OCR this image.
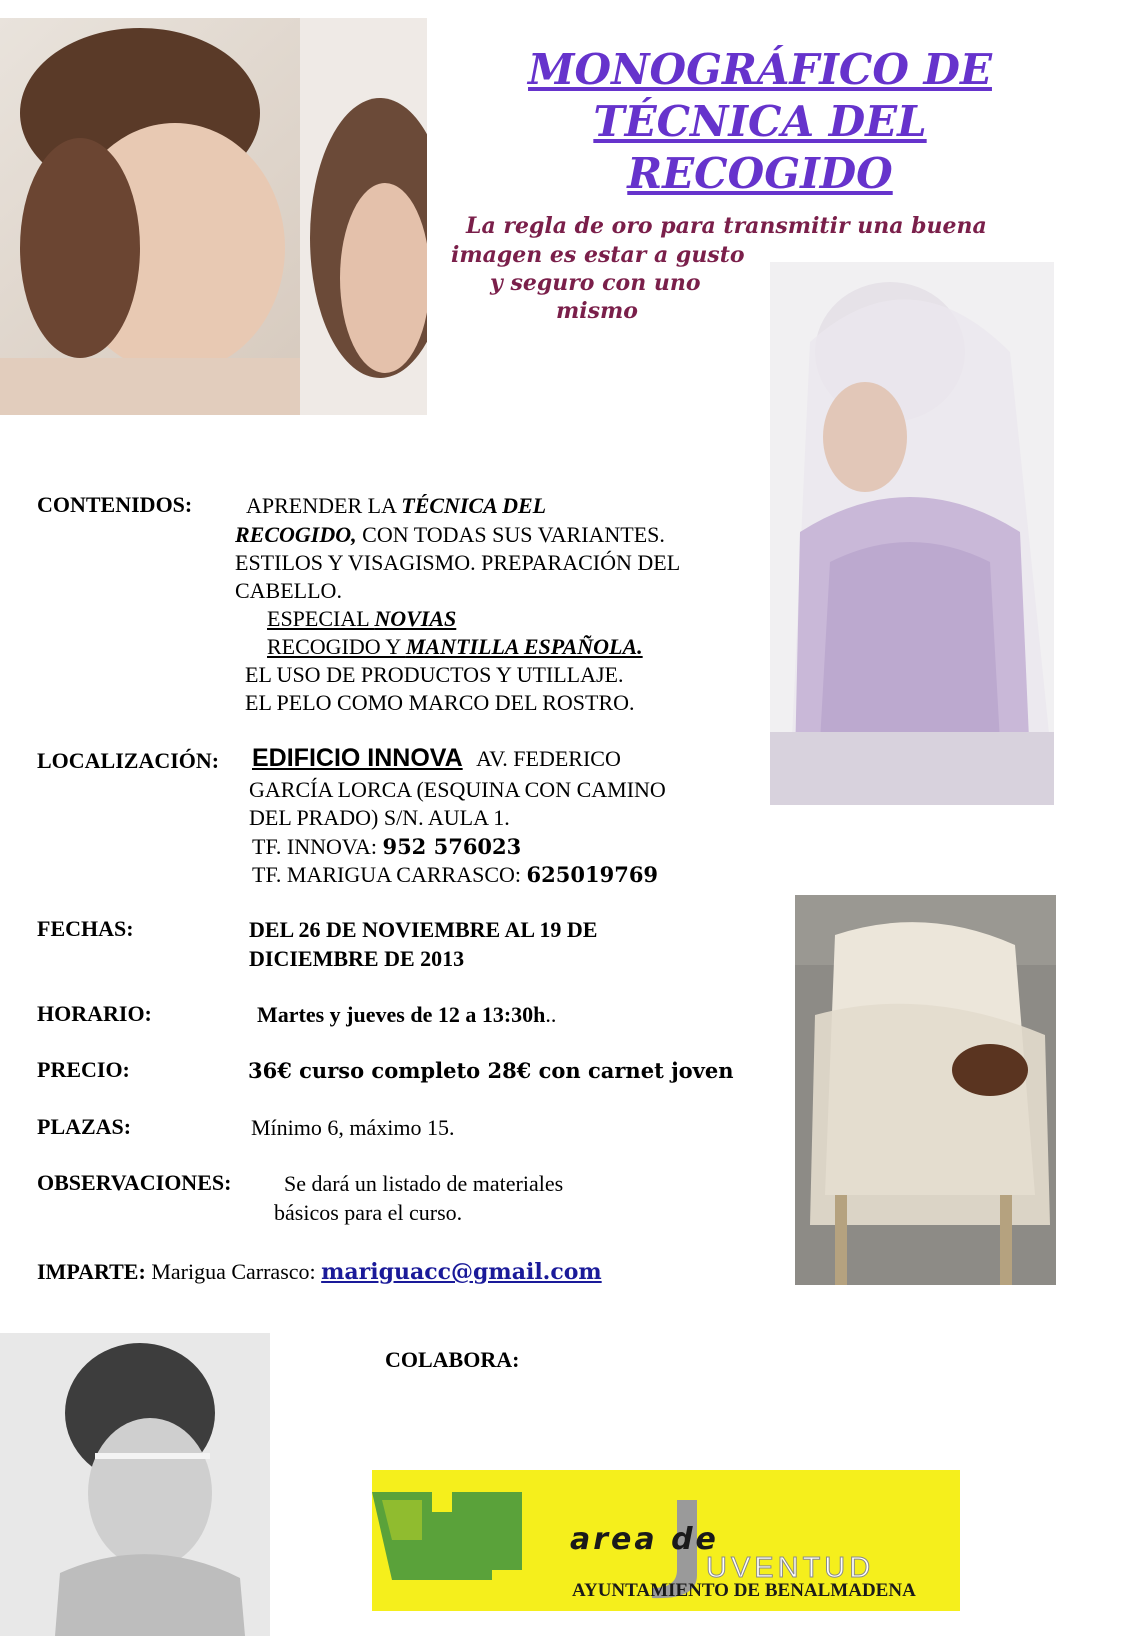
MONOGRÁFICO DE
TÉCNICA DEL
RECOGIDO
La regla de oro para transmitir una buena
imagen es estar a gusto
y seguro con uno
mismo
CONTENIDOS: APRENDER LA TÉCNICA DEL
RECOGIDO, CON TODAS SUS VARIANTES.
ESTILOS Y VISAGISMO. PREPARACIÓN DEL
CABELLO.
ESPECIAL NOVIAS
RECOGIDO Y MANTILLA ESPAÑOLA.
EL USO DE PRODUCTOS Y UTILLAJE.
EL PELO COMO MARCO DEL ROSTRO.
LOCALIZACIÓN: EDIFICIO INNOVA AV. FEDERICO
GARCÍA LORCA (ESQUINA CON CAMINO
DEL PRADO) S/N. AULA 1.
TF. INNOVA: 952 576023
TF. MARIGUA CARRASCO: 625019769
FECHAS:	DEL 26 DE NOVIEMBRE AL 19 DE
DICIEMBRE DE 2013
HORARIO:	Martes y jueves de 12 a 13:30h..
PRECIO:	36€ curso completo 28€ con carnet joven
PLAZAS:	Mínimo 6, máximo 15.
OBSERVACIONES: Se dará un listado de materiales
básicos para el curso.
IMPARTE: Marigua Carrasco: mariguacc@gmail.com
COLABORA:
area de
UVENTUD
AYUNTAMIENTO DE BENALMADENA
